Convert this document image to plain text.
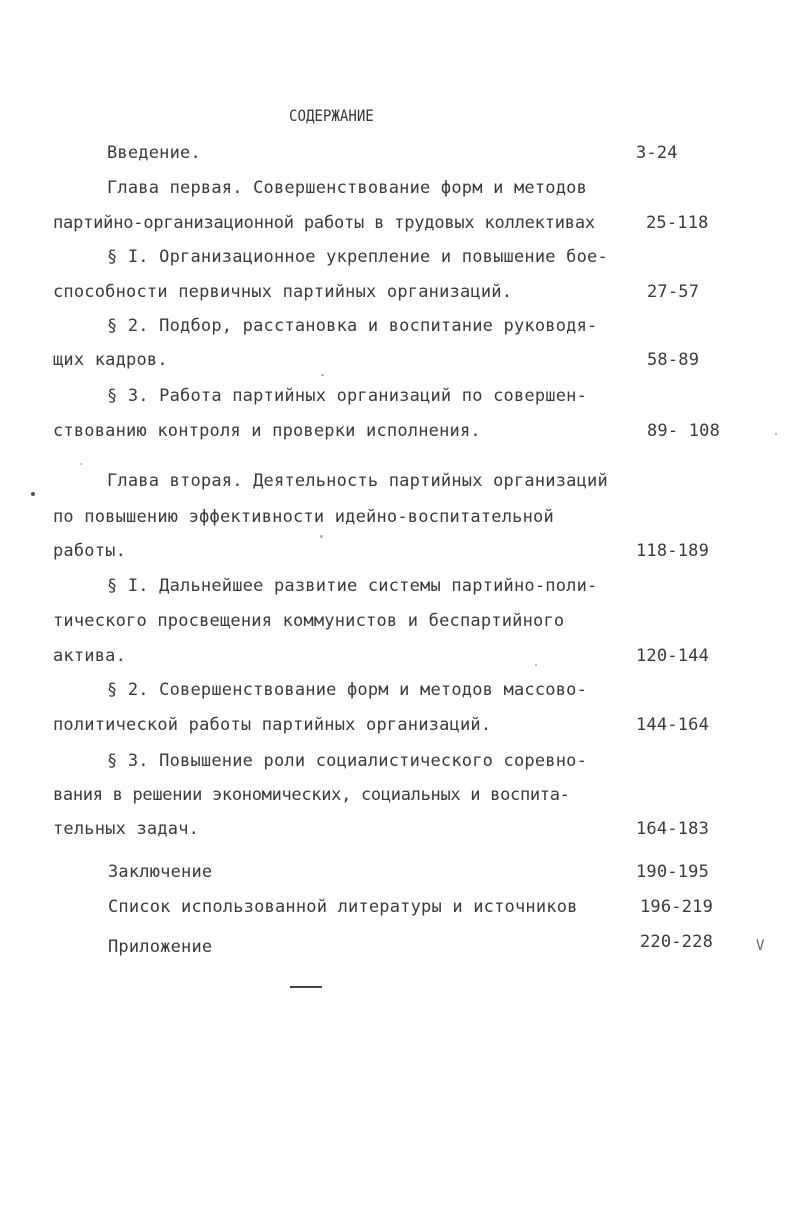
СОДЕРЖАНИЕ
Введение.	3-24
Глава первая. Совершенствование форм и методов
партийно-организационной работы в трудовых коллективах	25-118
§ I. Организационное укрепление и повышение бое-
способности первичных партийных организаций.	27-57
§ 2. Подбор, расстановка и воспитание руководя-
щих кадров.	58-89
§ 3. Работа партийных организаций по совершен-
ствованию контроля и проверки исполнения.	89- 108
Глава вторая. Деятельность партийных организаций
по повышению эффективности идейно-воспитательной
работы.	118-189
§ I. Дальнейшее развитие системы партийно-поли-
тического просвещения коммунистов и беспартийного
актива.	120-144
§ 2. Совершенствование форм и методов массово-
политической работы партийных организаций.	144-164
§ 3. Повышение роли социалистического соревно-
вания в решении экономических, социальных и воспита-
тельных задач.	164-183
Заключение	190-195
Список использованной литературы и источников	196-219
Приложение	220-228	V
